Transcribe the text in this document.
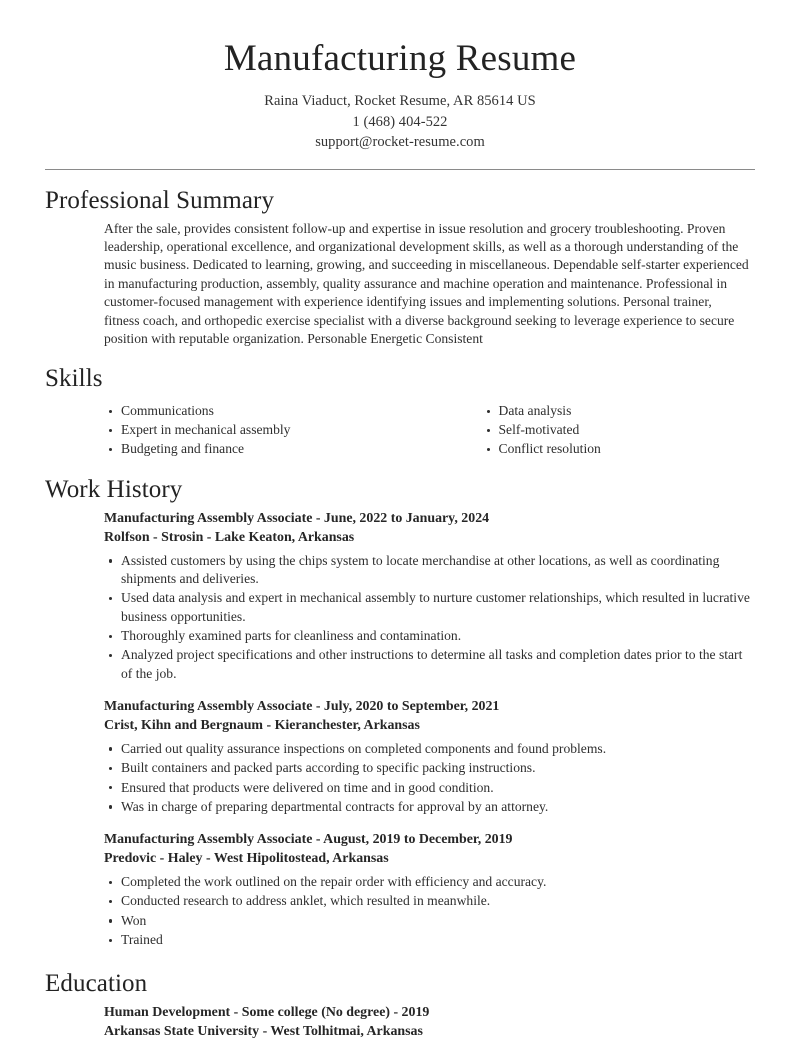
Manufacturing Resume
Raina Viaduct, Rocket Resume, AR 85614 US
1 (468) 404-522
support@rocket-resume.com
Professional Summary
After the sale, provides consistent follow-up and expertise in issue resolution and grocery troubleshooting. Proven leadership, operational excellence, and organizational development skills, as well as a thorough understanding of the music business. Dedicated to learning, growing, and succeeding in miscellaneous. Dependable self-starter experienced in manufacturing production, assembly, quality assurance and machine operation and maintenance. Professional in customer-focused management with experience identifying issues and implementing solutions. Personal trainer, fitness coach, and orthopedic exercise specialist with a diverse background seeking to leverage experience to secure position with reputable organization. Personable Energetic Consistent
Skills
Communications
Expert in mechanical assembly
Budgeting and finance
Data analysis
Self-motivated
Conflict resolution
Work History
Manufacturing Assembly Associate - June, 2022 to January, 2024
Rolfson - Strosin - Lake Keaton, Arkansas
Assisted customers by using the chips system to locate merchandise at other locations, as well as coordinating shipments and deliveries.
Used data analysis and expert in mechanical assembly to nurture customer relationships, which resulted in lucrative business opportunities.
Thoroughly examined parts for cleanliness and contamination.
Analyzed project specifications and other instructions to determine all tasks and completion dates prior to the start of the job.
Manufacturing Assembly Associate - July, 2020 to September, 2021
Crist, Kihn and Bergnaum - Kieranchester, Arkansas
Carried out quality assurance inspections on completed components and found problems.
Built containers and packed parts according to specific packing instructions.
Ensured that products were delivered on time and in good condition.
Was in charge of preparing departmental contracts for approval by an attorney.
Manufacturing Assembly Associate - August, 2019 to December, 2019
Predovic - Haley - West Hipolitostead, Arkansas
Completed the work outlined on the repair order with efficiency and accuracy.
Conducted research to address anklet, which resulted in meanwhile.
Won
Trained
Education
Human Development - Some college (No degree) - 2019
Arkansas State University - West Tolhitmai, Arkansas
